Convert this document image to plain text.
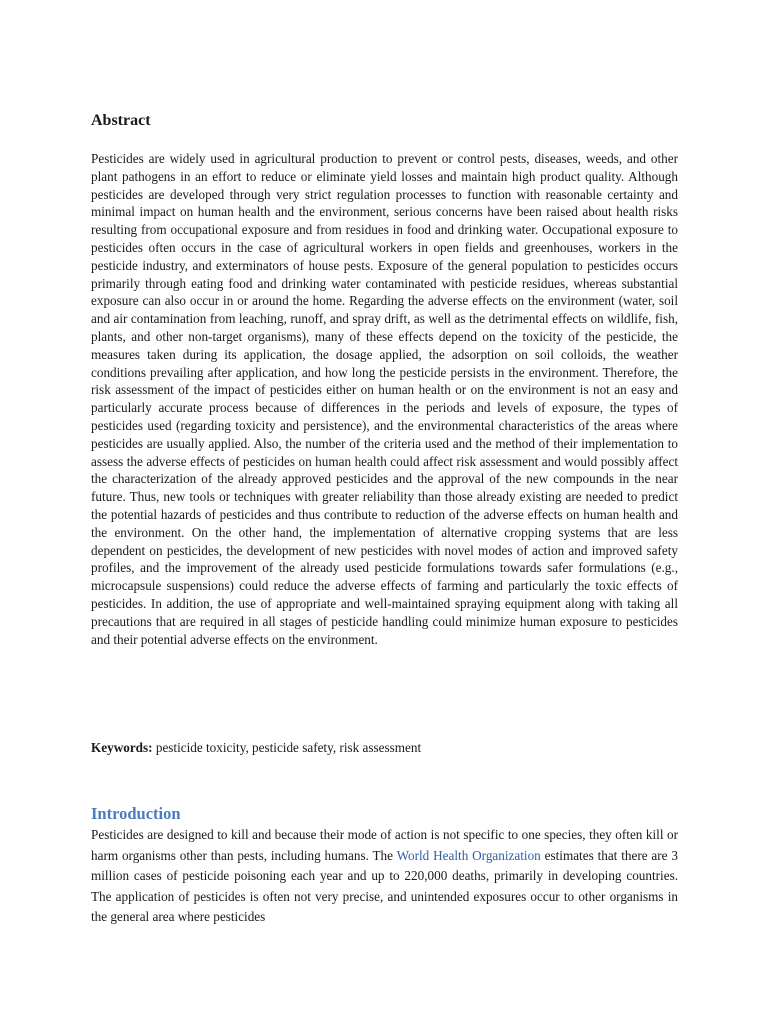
Abstract

Pesticides are widely used in agricultural production to prevent or control pests, diseases, weeds, and other plant pathogens in an effort to reduce or eliminate yield losses and maintain high product quality. Although pesticides are developed through very strict regulation processes to function with reasonable certainty and minimal impact on human health and the environment, serious concerns have been raised about health risks resulting from occupational exposure and from residues in food and drinking water. Occupational exposure to pesticides often occurs in the case of agricultural workers in open fields and greenhouses, workers in the pesticide industry, and exterminators of house pests. Exposure of the general population to pesticides occurs primarily through eating food and drinking water contaminated with pesticide residues, whereas substantial exposure can also occur in or around the home. Regarding the adverse effects on the environment (water, soil and air contamination from leaching, runoff, and spray drift, as well as the detrimental effects on wildlife, fish, plants, and other non-target organisms), many of these effects depend on the toxicity of the pesticide, the measures taken during its application, the dosage applied, the adsorption on soil colloids, the weather conditions prevailing after application, and how long the pesticide persists in the environment. Therefore, the risk assessment of the impact of pesticides either on human health or on the environment is not an easy and particularly accurate process because of differences in the periods and levels of exposure, the types of pesticides used (regarding toxicity and persistence), and the environmental characteristics of the areas where pesticides are usually applied. Also, the number of the criteria used and the method of their implementation to assess the adverse effects of pesticides on human health could affect risk assessment and would possibly affect the characterization of the already approved pesticides and the approval of the new compounds in the near future. Thus, new tools or techniques with greater reliability than those already existing are needed to predict the potential hazards of pesticides and thus contribute to reduction of the adverse effects on human health and the environment. On the other hand, the implementation of alternative cropping systems that are less dependent on pesticides, the development of new pesticides with novel modes of action and improved safety profiles, and the improvement of the already used pesticide formulations towards safer formulations (e.g., microcapsule suspensions) could reduce the adverse effects of farming and particularly the toxic effects of pesticides. In addition, the use of appropriate and well-maintained spraying equipment along with taking all precautions that are required in all stages of pesticide handling could minimize human exposure to pesticides and their potential adverse effects on the environment.

Keywords: pesticide toxicity, pesticide safety, risk assessment

Introduction

Pesticides are designed to kill and because their mode of action is not specific to one species, they often kill or harm organisms other than pests, including humans. The World Health Organization estimates that there are 3 million cases of pesticide poisoning each year and up to 220,000 deaths, primarily in developing countries. The application of pesticides is often not very precise, and unintended exposures occur to other organisms in the general area where pesticides
